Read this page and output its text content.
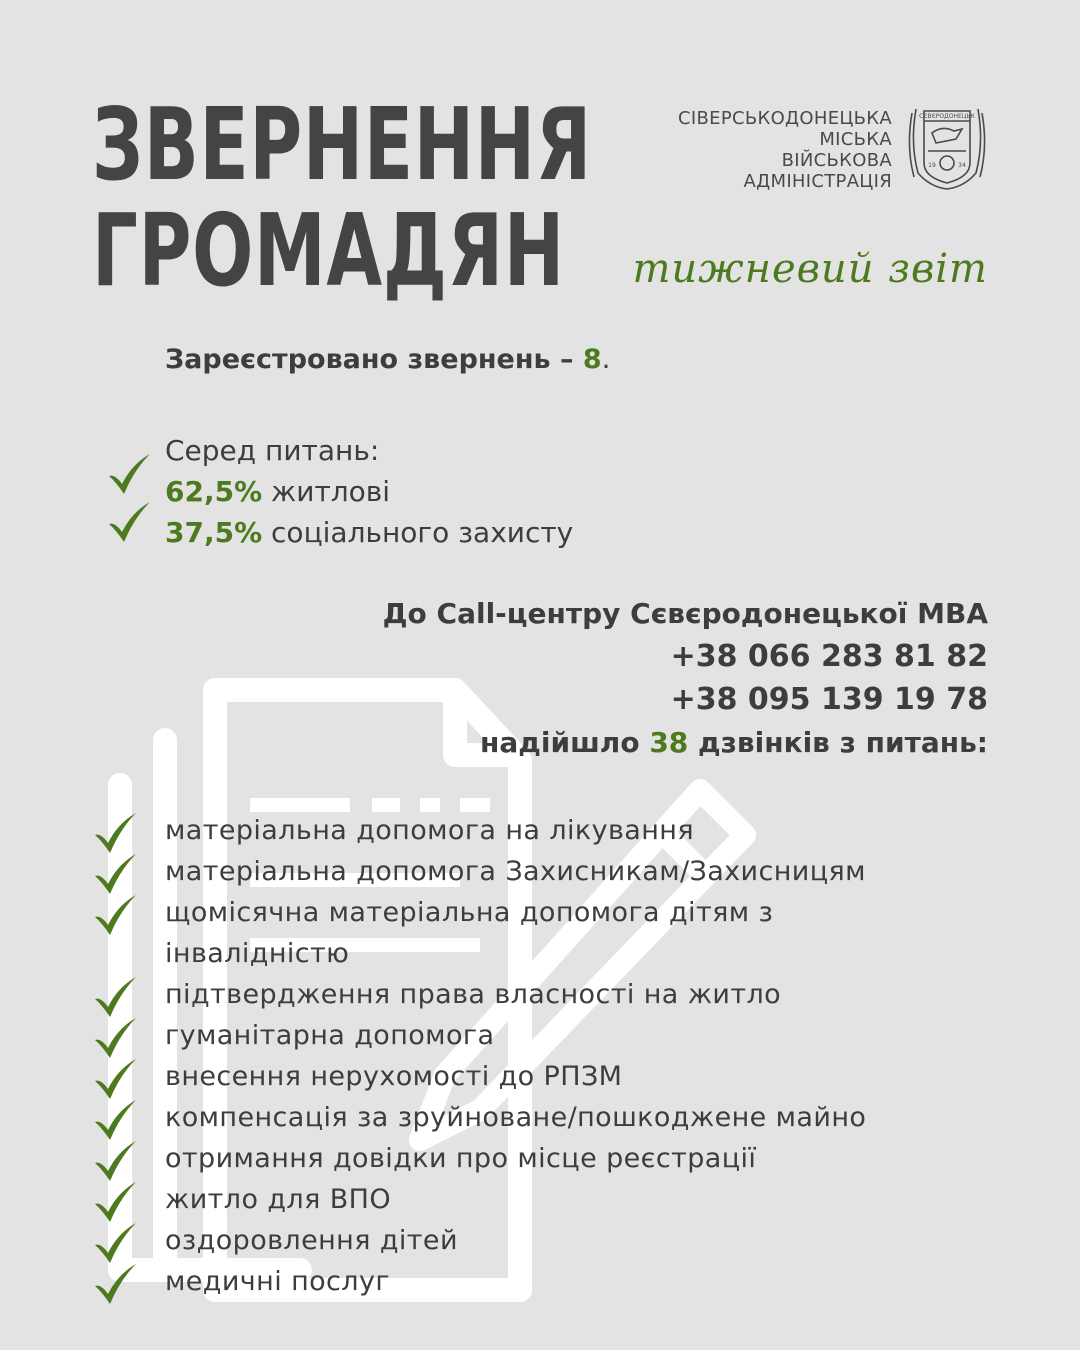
ЗВЕРНЕННЯ
ГРОМАДЯН
СІВЕРСЬКОДОНЕЦЬКА
МІСЬКА
ВІЙСЬКОВА
АДМІНІСТРАЦІЯ
СЄВЄРОДОНЕЦЬК
19	34
тижневий звіт
Зареєстровано звернень – 8.
Серед питань:
62,5% житлові
37,5% соціального захисту
До Call-центру Сєвєродонецької МВА
+38 066 283 81 82
+38 095 139 19 78
надійшло 38 дзвінків з питань:
матеріальна допомога на лікування
матеріальна допомога Захисникам/Захисницям
щомісячна матеріальна допомога дітям з
інвалідністю
підтвердження права власності на житло
гуманітарна допомога
внесення нерухомості до РПЗМ
компенсація за зруйноване/пошкоджене майно
отримання довідки про місце реєстрації
житло для ВПО
оздоровлення дітей
медичні послуг
